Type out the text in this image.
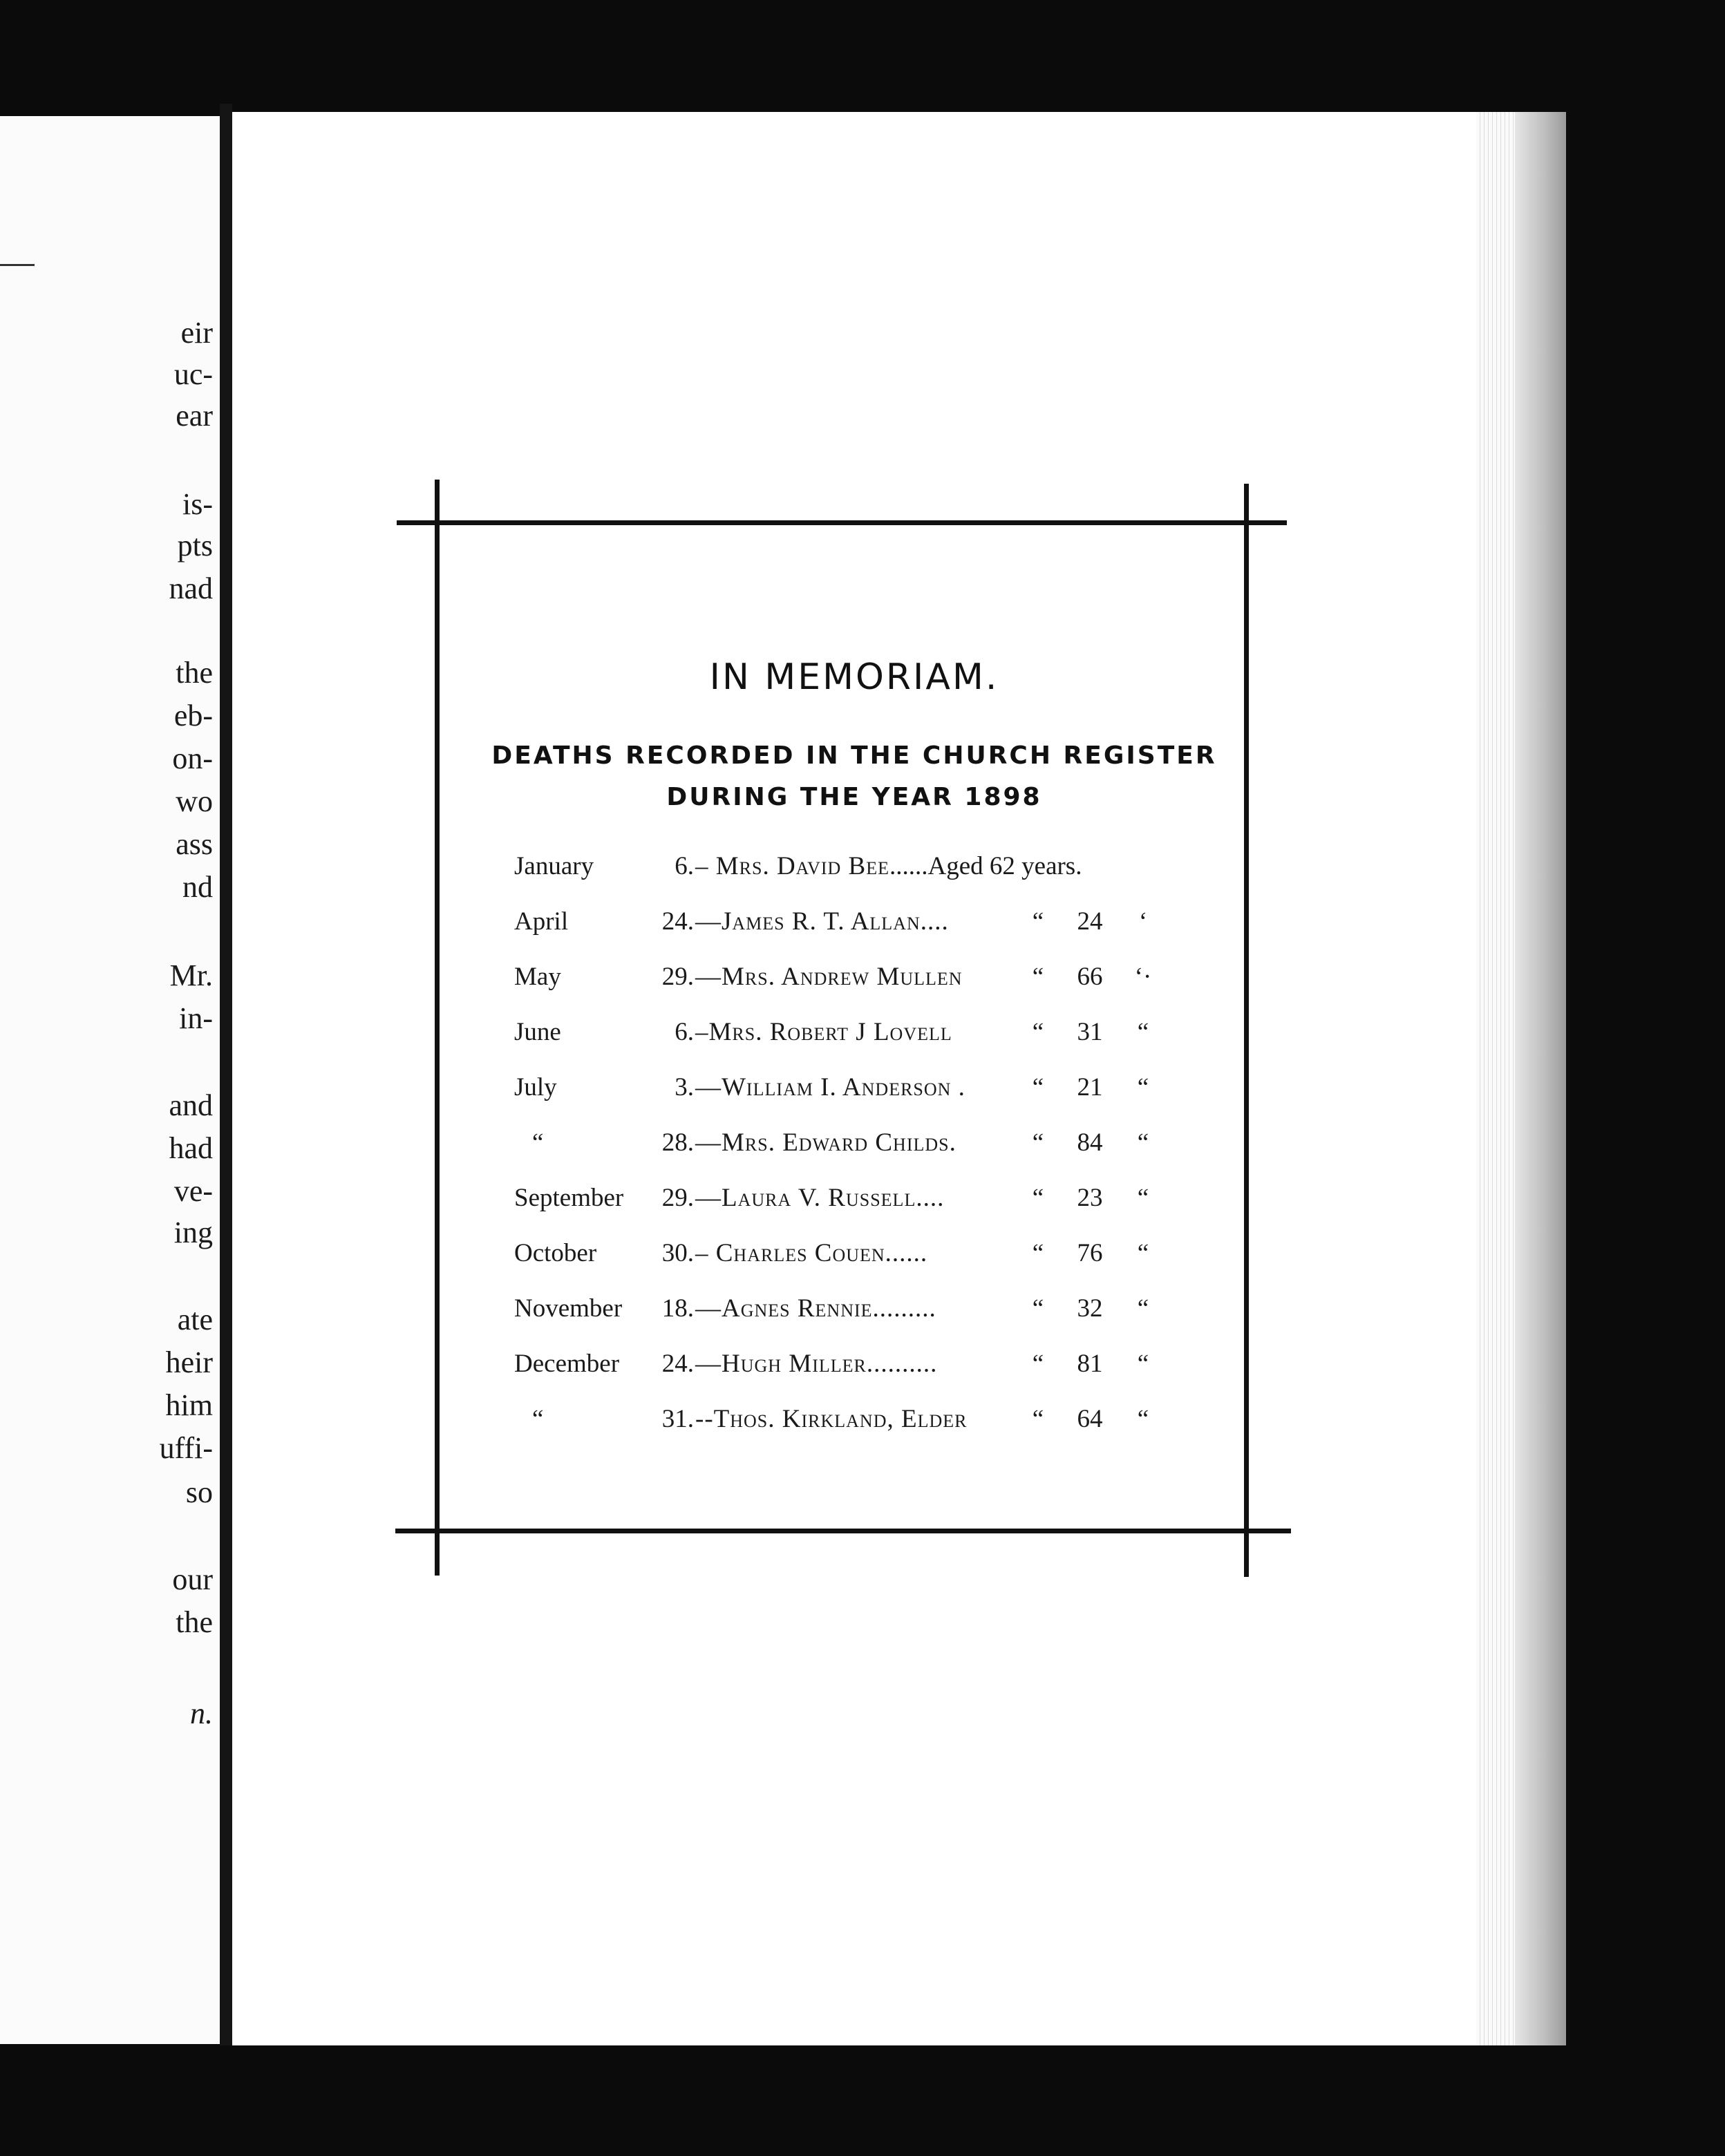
eir
uc-
ear
is-
pts
nad
the
eb-
on-
wo
ass
nd
Mr.
in-
and
had
ve-
ing
ate
heir
him
uffi-
so
our
the
n.
IN MEMORIAM.
DEATHS RECORDED IN THE CHURCH REGISTER
DURING THE YEAR 1898
January	6. – Mrs. David Bee......Aged 62 years.
April	24. —James R. T. Allan....	“	24	‘
May	29. —Mrs. Andrew Mullen	“	66	‘·
June	6. –Mrs. Robert J Lovell	“	31	“
July	3. —William I. Anderson .	“	21	“
“	28. —Mrs. Edward Childs.	“	84	“
September	29. —Laura V. Russell....	“	23	“
October	30. – Charles Couen......	“	76	“
November	18. —Agnes Rennie.........	“	32	“
December	24. —Hugh Miller..........	“	81	“
“	31. --Thos. Kirkland, Elder	“	64	“
